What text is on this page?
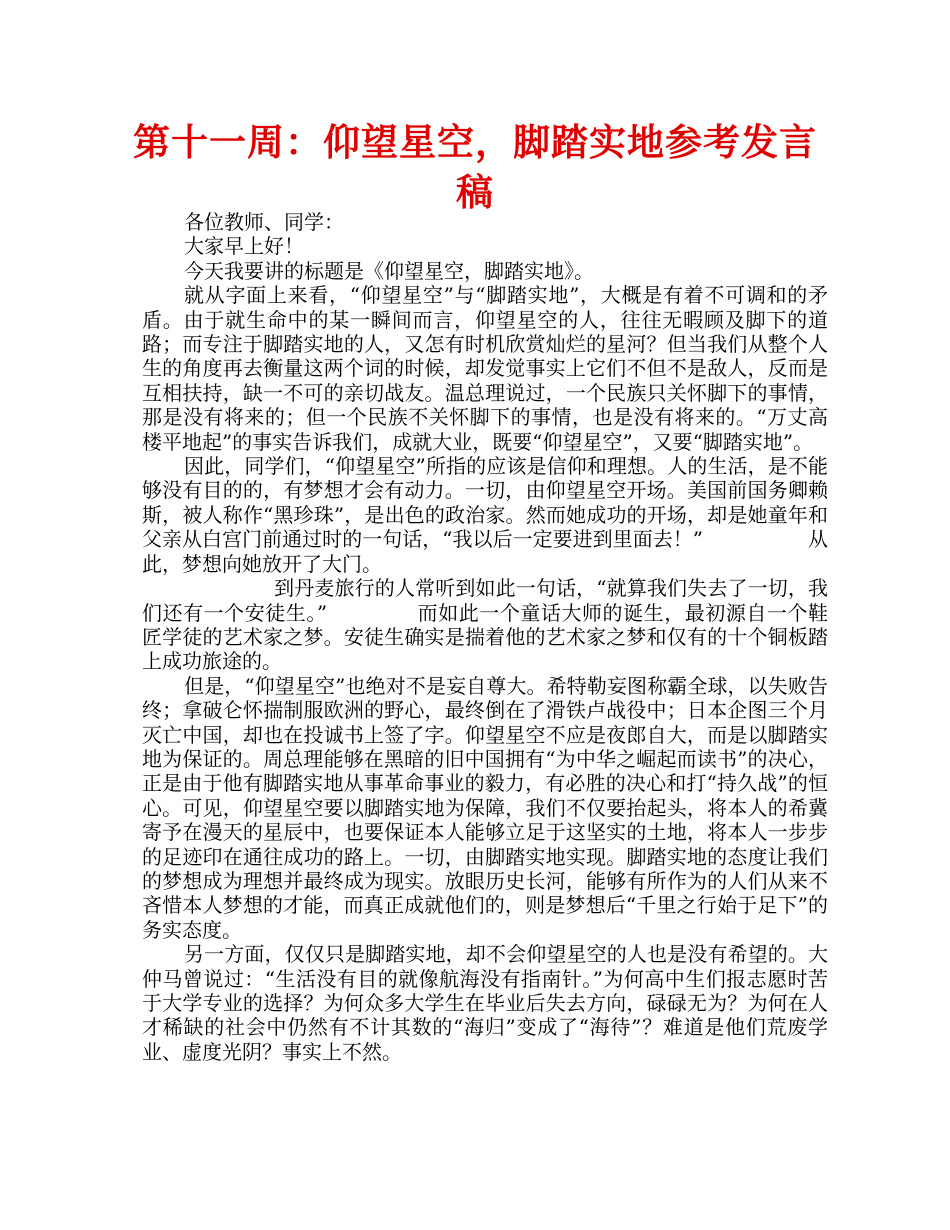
第十一周：仰望星空，脚踏实地参考发言稿

各位教师、同学：

大家早上好！

今天我要讲的标题是《仰望星空，脚踏实地》。

就从字面上来看，“仰望星空”与“脚踏实地”，大概是有着不可调和的矛盾。由于就生命中的某一瞬间而言，仰望星空的人，往往无暇顾及脚下的道路；而专注于脚踏实地的人，又怎有时机欣赏灿烂的星河？但当我们从整个人生的角度再去衡量这两个词的时候，却发觉事实上它们不但不是敌人，反而是互相扶持，缺一不可的亲切战友。温总理说过，一个民族只关怀脚下的事情，那是没有将来的；但一个民族不关怀脚下的事情，也是没有将来的。“万丈高楼平地起”的事实告诉我们，成就大业，既要“仰望星空”，又要“脚踏实地”。

因此，同学们，“仰望星空”所指的应该是信仰和理想。人的生活，是不能够没有目的的，有梦想才会有动力。一切，由仰望星空开场。美国前国务卿赖斯，被人称作“黑珍珠”，是出色的政治家。然而她成功的开场，却是她童年和父亲从白宫门前通过时的一句话，“我以后一定要进到里面去！”	从此，梦想向她放开了大门。

到丹麦旅行的人常听到如此一句话，“就算我们失去了一切，我们还有一个安徒生。”	而如此一个童话大师的诞生，最初源自一个鞋匠学徒的艺术家之梦。安徒生确实是揣着他的艺术家之梦和仅有的十个铜板踏上成功旅途的。

但是，“仰望星空”也绝对不是妄自尊大。希特勒妄图称霸全球，以失败告终；拿破仑怀揣制服欧洲的野心，最终倒在了滑铁卢战役中；日本企图三个月灭亡中国，却也在投诚书上签了字。仰望星空不应是夜郎自大，而是以脚踏实地为保证的。周总理能够在黑暗的旧中国拥有“为中华之崛起而读书”的决心，正是由于他有脚踏实地从事革命事业的毅力，有必胜的决心和打“持久战”的恒心。可见，仰望星空要以脚踏实地为保障，我们不仅要抬起头，将本人的希冀寄予在漫天的星辰中，也要保证本人能够立足于这坚实的土地，将本人一步步的足迹印在通往成功的路上。一切，由脚踏实地实现。脚踏实地的态度让我们的梦想成为理想并最终成为现实。放眼历史长河，能够有所作为的人们从来不吝惜本人梦想的才能，而真正成就他们的，则是梦想后“千里之行始于足下”的务实态度。

另一方面，仅仅只是脚踏实地，却不会仰望星空的人也是没有希望的。大仲马曾说过：“生活没有目的就像航海没有指南针。”为何高中生们报志愿时苦于大学专业的选择？为何众多大学生在毕业后失去方向，碌碌无为？为何在人才稀缺的社会中仍然有不计其数的“海归”变成了“海待”？难道是他们荒废学业、虚度光阴？事实上不然。
